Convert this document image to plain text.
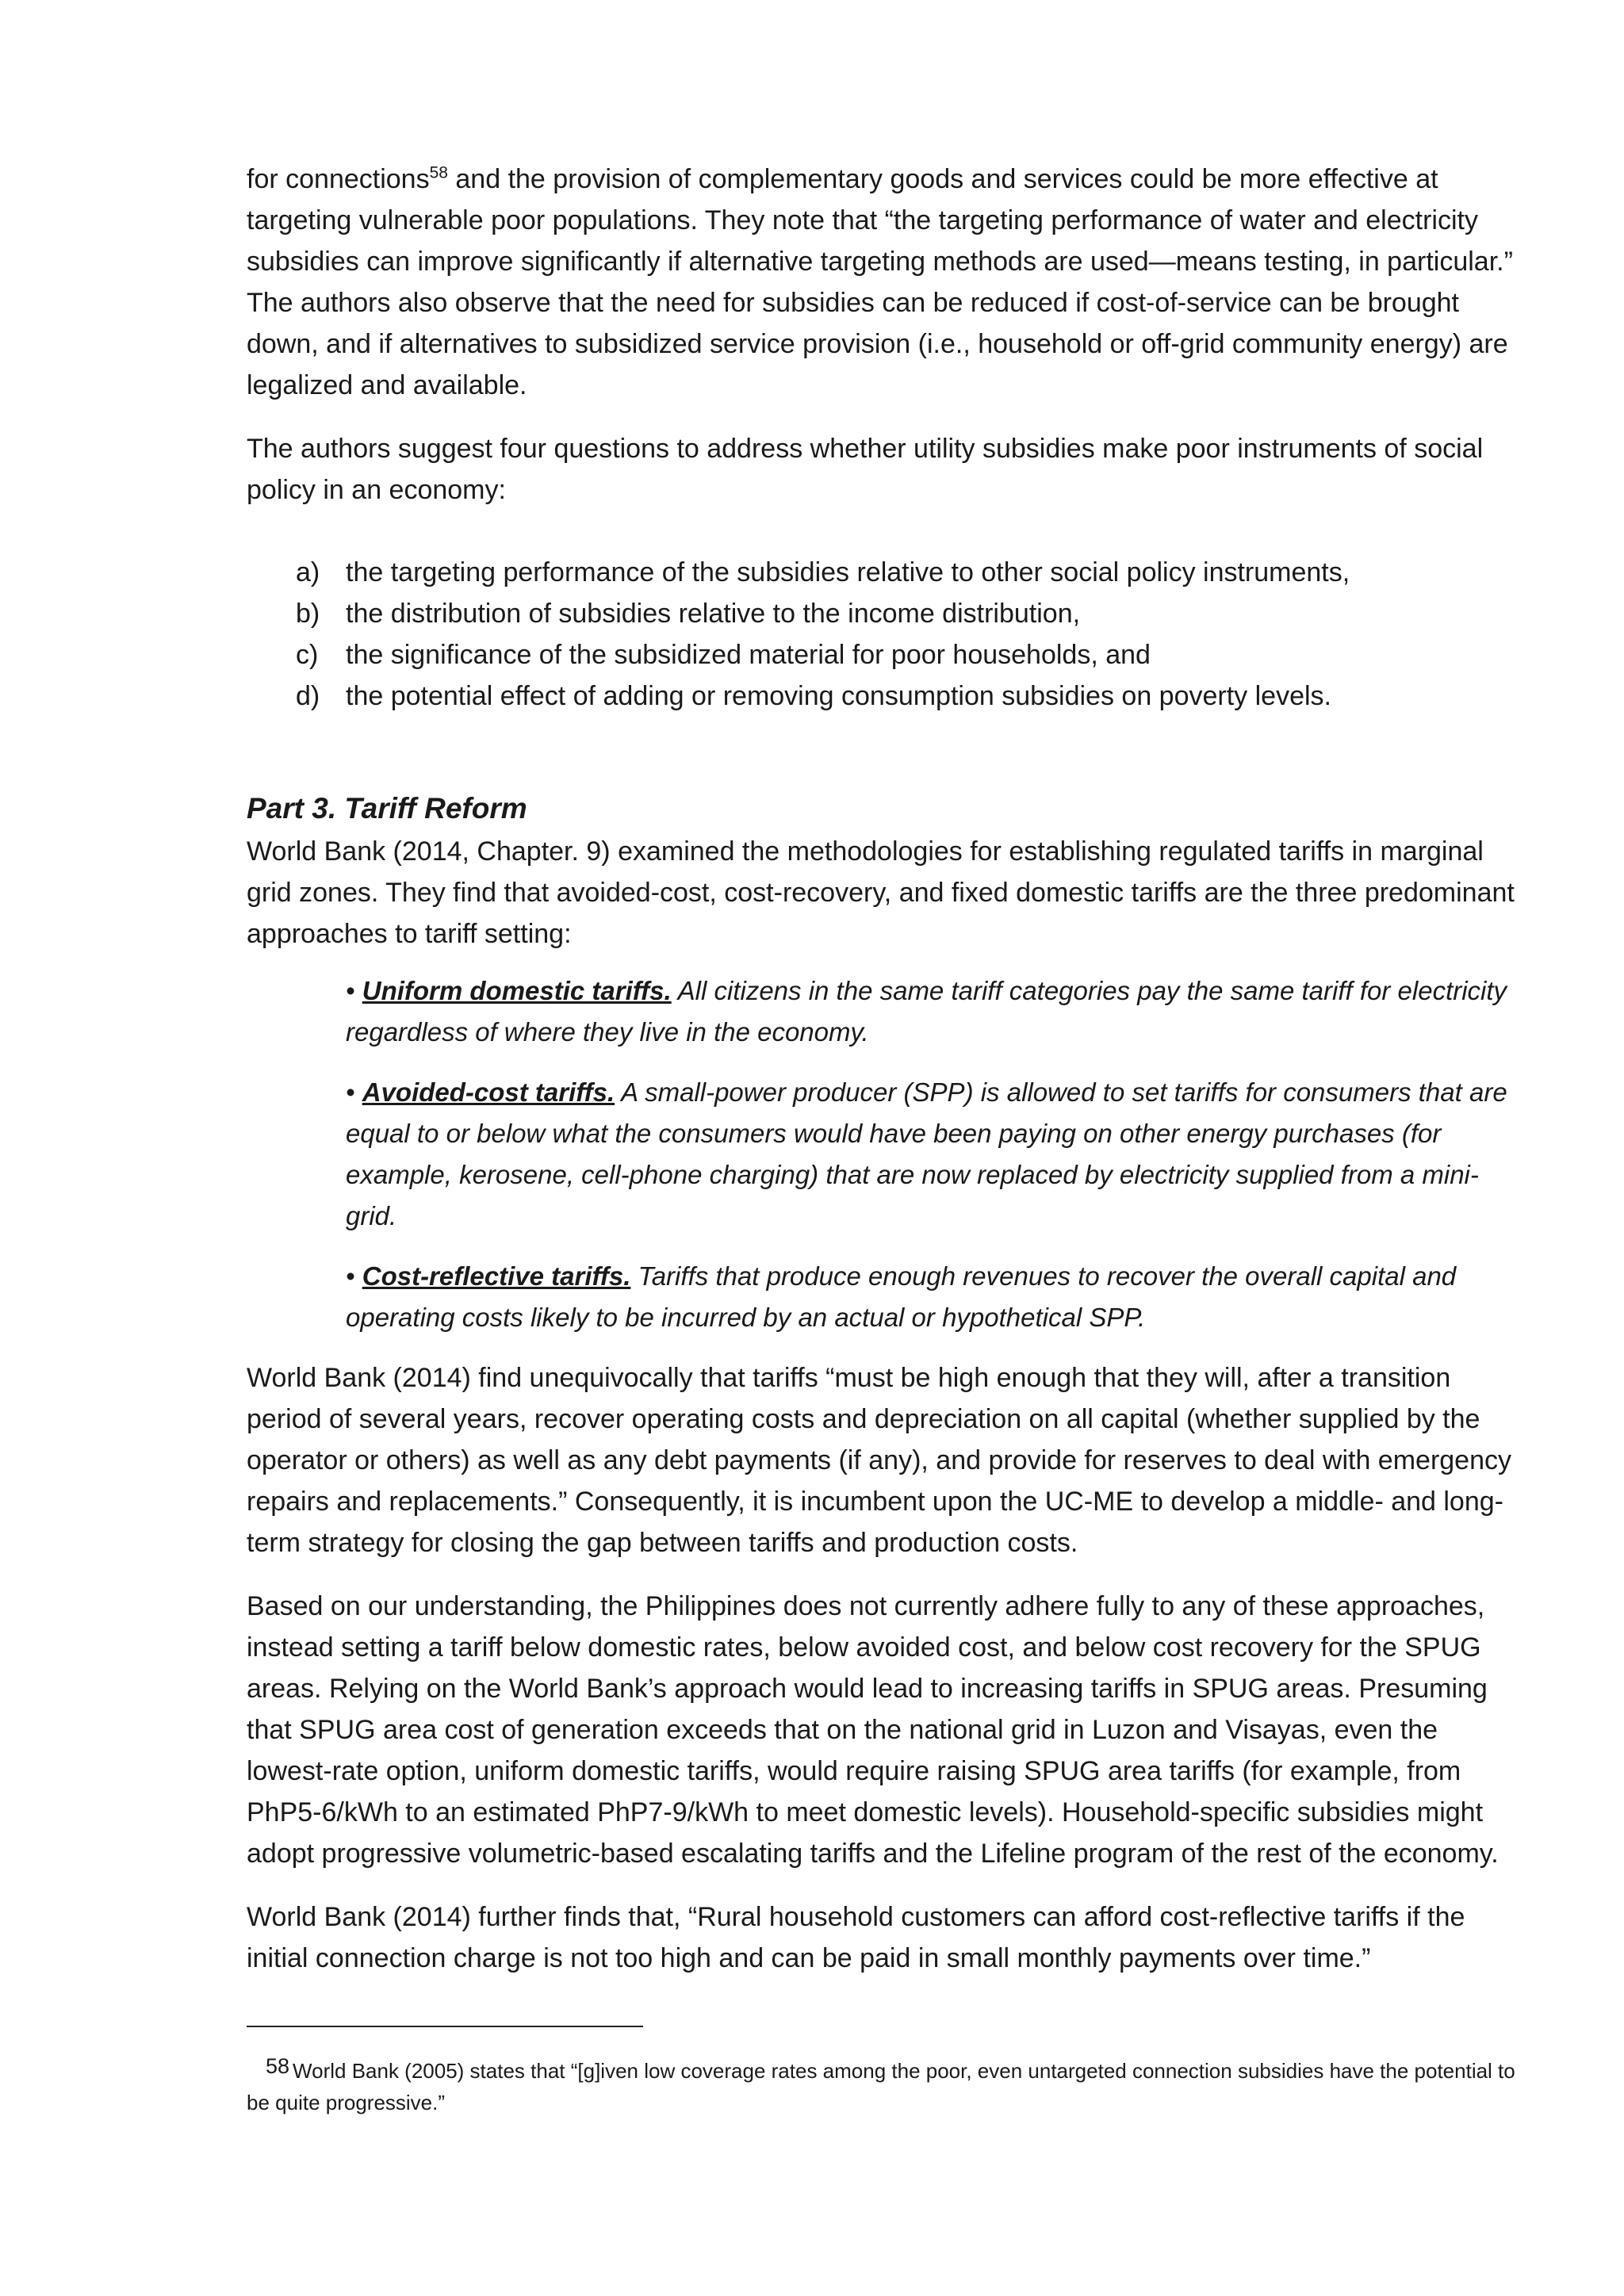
for connections$^{58}$ and the provision of complementary goods and services could be more effective at targeting vulnerable poor populations. They note that “the targeting performance of water and electricity subsidies can improve significantly if alternative targeting methods are used—means testing, in particular.” The authors also observe that the need for subsidies can be reduced if cost-of-service can be brought down, and if alternatives to subsidized service provision (i.e., household or off-grid community energy) are legalized and available.

The authors suggest four questions to address whether utility subsidies make poor instruments of social policy in an economy:

a) the targeting performance of the subsidies relative to other social policy instruments,
b) the distribution of subsidies relative to the income distribution,
c) the significance of the subsidized material for poor households, and
d) the potential effect of adding or removing consumption subsidies on poverty levels.
Part 3. Tariff Reform

World Bank (2014, Chapter. 9) examined the methodologies for establishing regulated tariffs in marginal grid zones. They find that avoided-cost, cost-recovery, and fixed domestic tariffs are the three predominant approaches to tariff setting:

• Uniform domestic tariffs. All citizens in the same tariff categories pay the same tariff for electricity regardless of where they live in the economy.

• Avoided-cost tariffs. A small-power producer (SPP) is allowed to set tariffs for consumers that are equal to or below what the consumers would have been paying on other energy purchases (for example, kerosene, cell-phone charging) that are now replaced by electricity supplied from a mini-grid.

• Cost-reflective tariffs. Tariffs that produce enough revenues to recover the overall capital and operating costs likely to be incurred by an actual or hypothetical SPP.

World Bank (2014) find unequivocally that tariffs “must be high enough that they will, after a transition period of several years, recover operating costs and depreciation on all capital (whether supplied by the operator or others) as well as any debt payments (if any), and provide for reserves to deal with emergency repairs and replacements.” Consequently, it is incumbent upon the UC-ME to develop a middle- and long-term strategy for closing the gap between tariffs and production costs.

Based on our understanding, the Philippines does not currently adhere fully to any of these approaches, instead setting a tariff below domestic rates, below avoided cost, and below cost recovery for the SPUG areas. Relying on the World Bank’s approach would lead to increasing tariffs in SPUG areas. Presuming that SPUG area cost of generation exceeds that on the national grid in Luzon and Visayas, even the lowest-rate option, uniform domestic tariffs, would require raising SPUG area tariffs (for example, from PhP5-6/kWh to an estimated PhP7-9/kWh to meet domestic levels). Household-specific subsidies might adopt progressive volumetric-based escalating tariffs and the Lifeline program of the rest of the economy.

World Bank (2014) further finds that, “Rural household customers can afford cost-reflective tariffs if the initial connection charge is not too high and can be paid in small monthly payments over time.”

$^{58}$ World Bank (2005) states that “[g]iven low coverage rates among the poor, even untargeted connection subsidies have the potential to be quite progressive.”
